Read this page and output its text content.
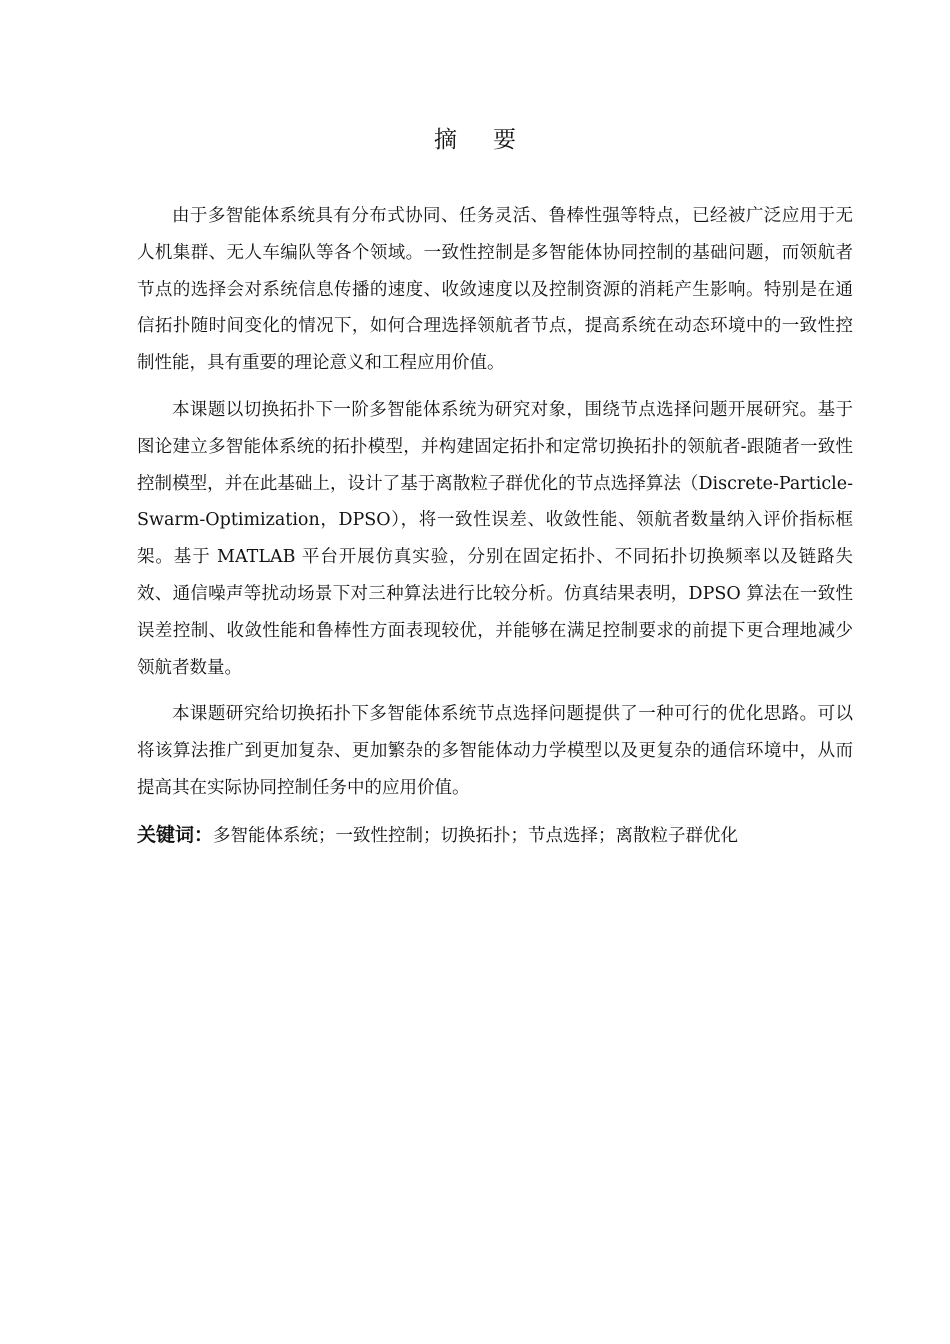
摘要

由于多智能体系统具有分布式协同、任务灵活、鲁棒性强等特点，已经被广泛应用于无人机集群、无人车编队等各个领域。一致性控制是多智能体协同控制的基础问题，而领航者节点的选择会对系统信息传播的速度、收敛速度以及控制资源的消耗产生影响。特别是在通信拓扑随时间变化的情况下，如何合理选择领航者节点，提高系统在动态环境中的一致性控制性能，具有重要的理论意义和工程应用价值。

本课题以切换拓扑下一阶多智能体系统为研究对象，围绕节点选择问题开展研究。基于图论建立多智能体系统的拓扑模型，并构建固定拓扑和定常切换拓扑的领航者-跟随者一致性控制模型，并在此基础上，设计了基于离散粒子群优化的节点选择算法（Discrete-Particle-Swarm-Optimization，DPSO），将一致性误差、收敛性能、领航者数量纳入评价指标框架。基于 MATLAB 平台开展仿真实验，分别在固定拓扑、不同拓扑切换频率以及链路失效、通信噪声等扰动场景下对三种算法进行比较分析。仿真结果表明，DPSO 算法在一致性误差控制、收敛性能和鲁棒性方面表现较优，并能够在满足控制要求的前提下更合理地减少领航者数量。

本课题研究给切换拓扑下多智能体系统节点选择问题提供了一种可行的优化思路。可以将该算法推广到更加复杂、更加繁杂的多智能体动力学模型以及更复杂的通信环境中，从而提高其在实际协同控制任务中的应用价值。

关键词：多智能体系统；一致性控制；切换拓扑；节点选择；离散粒子群优化
